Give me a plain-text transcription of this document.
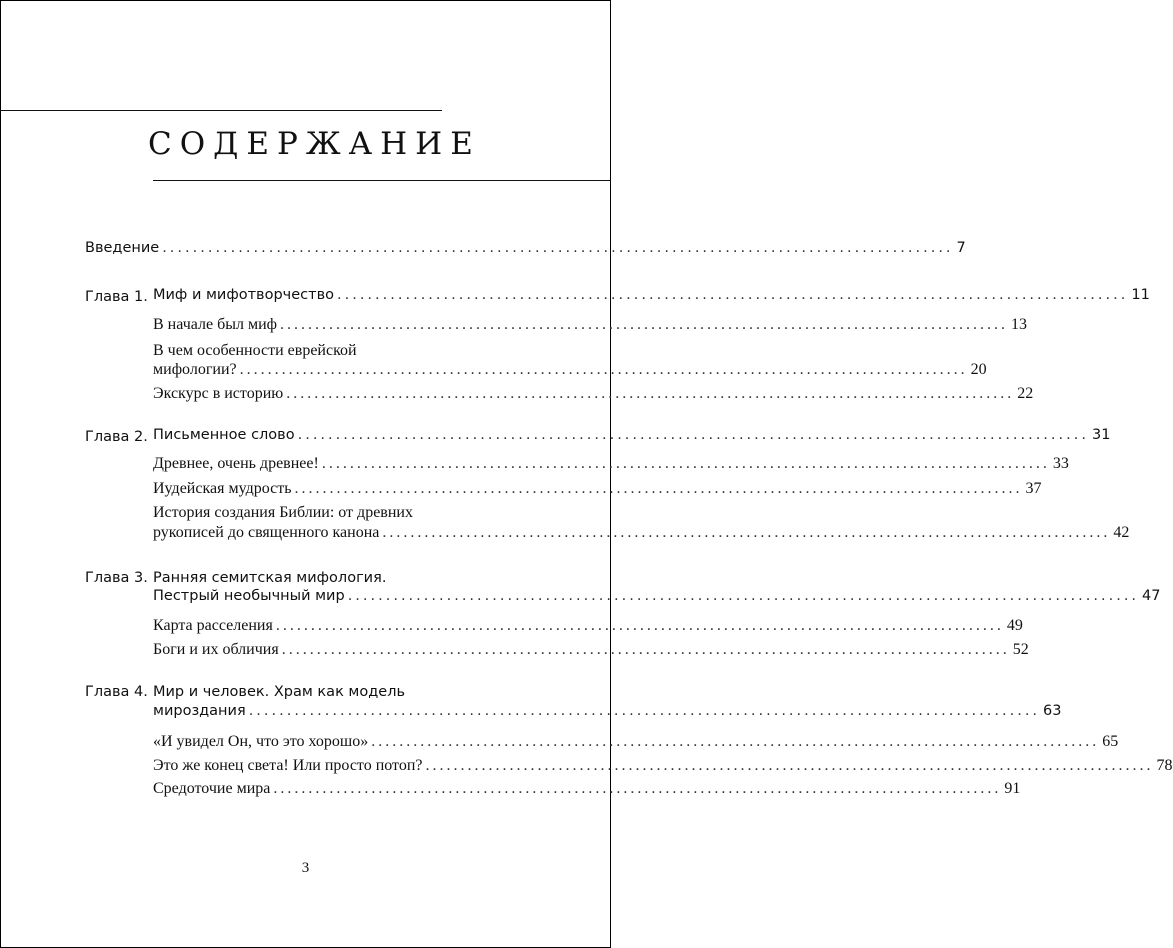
СОДЕРЖАНИЕ
Введение ........................................................................................................ 7
Глава 1. Миф и мифотворчество ........................................................................................................ 11
В начале был миф ........................................................................................................ 13
В чем особенности еврейской
мифологии? ........................................................................................................ 20
Экскурс в историю ........................................................................................................ 22
Глава 2. Письменное слово ........................................................................................................ 31
Древнее, очень древнее! ........................................................................................................ 33
Иудейская мудрость ........................................................................................................ 37
История создания Библии: от древних
рукописей до священного канона ........................................................................................................ 42
Глава 3. Ранняя семитская мифология.
Пестрый необычный мир ........................................................................................................ 47
Карта расселения ........................................................................................................ 49
Боги и их обличия ........................................................................................................ 52
Глава 4. Мир и человек. Храм как модель
мироздания ........................................................................................................ 63
«И увидел Он, что это хорошо» ........................................................................................................ 65
Это же конец света! Или просто потоп? ........................................................................................................ 78
Средоточие мира ........................................................................................................ 91
3
